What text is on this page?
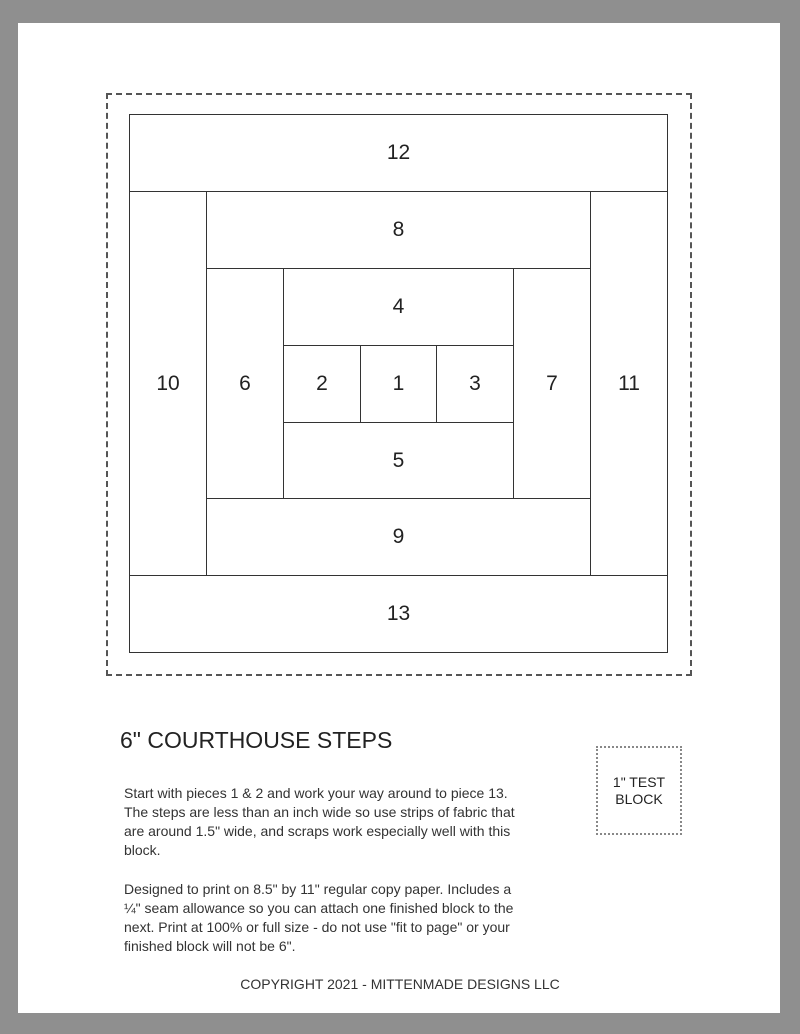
12
10	11
8
6	7
4
2	1	3
5
9
13
6" COURTHOUSE STEPS
Start with pieces 1 & 2 and work your way around to piece 13. The steps are less than an inch wide so use strips of fabric that are around 1.5" wide, and scraps work especially well with this block.
Designed to print on 8.5" by 11" regular copy paper. Includes a ¼" seam allowance so you can attach one finished block to the next. Print at 100% or full size - do not use "fit to page" or your finished block will not be 6".
1" TEST
BLOCK
COPYRIGHT 2021 - MITTENMADE DESIGNS LLC
